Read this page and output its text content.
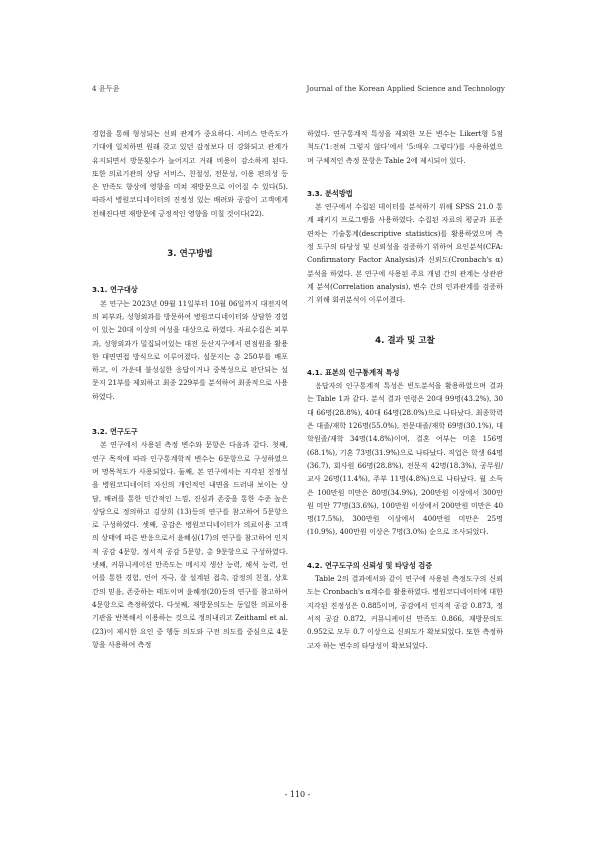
4 윤두윤	Journal of the Korean Applied Science and Technology

경험을 통해 형성되는 신뢰 관계가 중요하다. 서비스 만족도가 기대에 일치하면 원래 갖고 있던 감정보다 더 강화되고 관계가 유지되면서 방문횟수가 늘어지고 거래 비용이 감소하게 된다. 또한 의료기관의 상담 서비스, 친절성, 전문성, 이용 편의성 등은 만족도 향상에 영향을 미쳐 재방문으로 이어질 수 있다(5). 따라서 병원코디네이터의 진정성 있는 배려와 공감이 고객에게 전해진다면 재방문에 긍정적인 영향을 미칠 것이다(22).

3. 연구방법

3.1. 연구대상

본 연구는 2023년 09월 11일부터 10월 06일까지 대전지역의 피부과, 성형외과를 방문하여 병원코디네이터와 상담한 경험이 있는 20대 이상의 여성을 대상으로 하였다. 자료수집은 피부과, 성형외과가 밀집되어있는 대전 둔산지구에서 편점원을 활용한 대면면접 방식으로 이루어졌다. 설문지는 총 250부를 배포하고, 이 가운데 불성실한 응답이거나 중복성으로 판단되는 설문지 21부를 제외하고 최종 229부를 분석하여 최종적으로 사용하였다.

3.2. 연구도구

본 연구에서 사용된 측정 변수와 문항은 다음과 같다. 첫째, 연구 목적에 따라 인구통계학적 변수는 6문항으로 구성하였으며 명목척도가 사용되었다. 둘째, 본 연구에서는 지각된 진정성을 병원코디네이터 자신의 개인적인 내면을 드러내 보이는 상담, 배려를 통한 인간적인 느낌, 진심과 존중을 통한 수준 높은 상담으로 정의하고 김상희 (13)등의 연구를 참고하여 5문항으로 구성하였다. 셋째, 공감은 병원코디네이터가 의료이용 고객의 상태에 따른 반응으로서 윤혜심(17)의 연구를 참고하여 인지적 공감 4문항, 정서적 공감 5문항, 총 9문항으로 구성하였다. 넷째, 커뮤니케이션 만족도는 메시지 생산 능력, 해석 능력, 언어를 통한 경험, 언어 자극, 잘 설계된 접촉, 감정의 친절, 상호 간의 믿음, 존중하는 태도이며 윤혜정(20)등의 연구를 참고하여 4문항으로 측정하였다. 다섯째, 재방문의도는 동일한 의료이용기관을 반복해서 이용하는 것으로 정의내리고 Zeithaml et al.(23)이 제시한 요인 중 행동 의도와 구전 의도를 중심으로 4문항을 사용하여 측정

하였다. 연구통계적 특성을 제외한 모든 변수는 Likert형 5점 척도('1:전혀 그렇지 않다'에서 '5:매우 그렇다')를 사용하였으며 구체적인 측정 문항은 Table 2에 제시되어 있다.

3.3. 분석방법

본 연구에서 수집된 데이터를 분석하기 위해 SPSS 21.0 통계 패키지 프로그램을 사용하였다. 수집된 자료의 평균과 표준편차는 기술통계(descriptive statistics)를 활용하였으며 측정 도구의 타당성 및 신뢰성을 검증하기 위하여 요인분석(CFA: Confirmatory Factor Analysis)과 신뢰도(Cronbach's α) 분석을 하였다. 본 연구에 사용된 주요 개념 간의 관계는 상관관계 분석(Correlation analysis), 변수 간의 인과관계를 검증하기 위해 회귀분석이 이루어졌다.

4. 결과 및 고찰

4.1. 표본의 인구통계적 특성

응답자의 인구통계적 특성은 빈도분석을 활용하였으며 결과는 Table 1과 같다. 분석 결과 연령은 20대 99명(43.2%), 30대 66명(28.8%), 40대 64명(28.0%)으로 나타났다. 최종학력은 대졸/재학 126명(55.0%), 전문대졸/재학 69명(30.1%), 대학원졸/재학 34명(14.8%)이며, 결혼 여부는 미혼 156명(68.1%), 기혼 73명(31.9%)으로 나타났다. 직업은 학생 64명(36.7), 회사원 66명(28.8%), 전문직 42명(18.3%), 공무원/교사 26명(11.4%), 주부 11명(4.8%)으로 나타났다. 월 소득은 100만원 미만은 80명(34.9%), 200만원 이상에서 300만원 미만 77명(33.6%), 100만원 이상에서 200만원 미만은 40명(17.5%), 300만원 이상에서 400만원 미만은 25명(10.9%), 400만원 이상은 7명(3.0%) 순으로 조사되었다.

4.2. 연구도구의 신뢰성 및 타당성 검증

Table 2의 결과에서와 같이 연구에 사용된 측정도구의 신뢰도는 Cronbach's α계수를 활용하였다. 병원코디네이터에 대한 지각된 진정성은 0.885이며, 공감에서 인지적 공감 0.873, 정서적 공감 0.872, 커뮤니케이션 만족도 0.866, 재방문의도 0.952로 모두 0.7 이상으로 신뢰도가 확보되었다. 또한 측정하고자 하는 변수의 타당성이 확보되었다.

- 110 -
